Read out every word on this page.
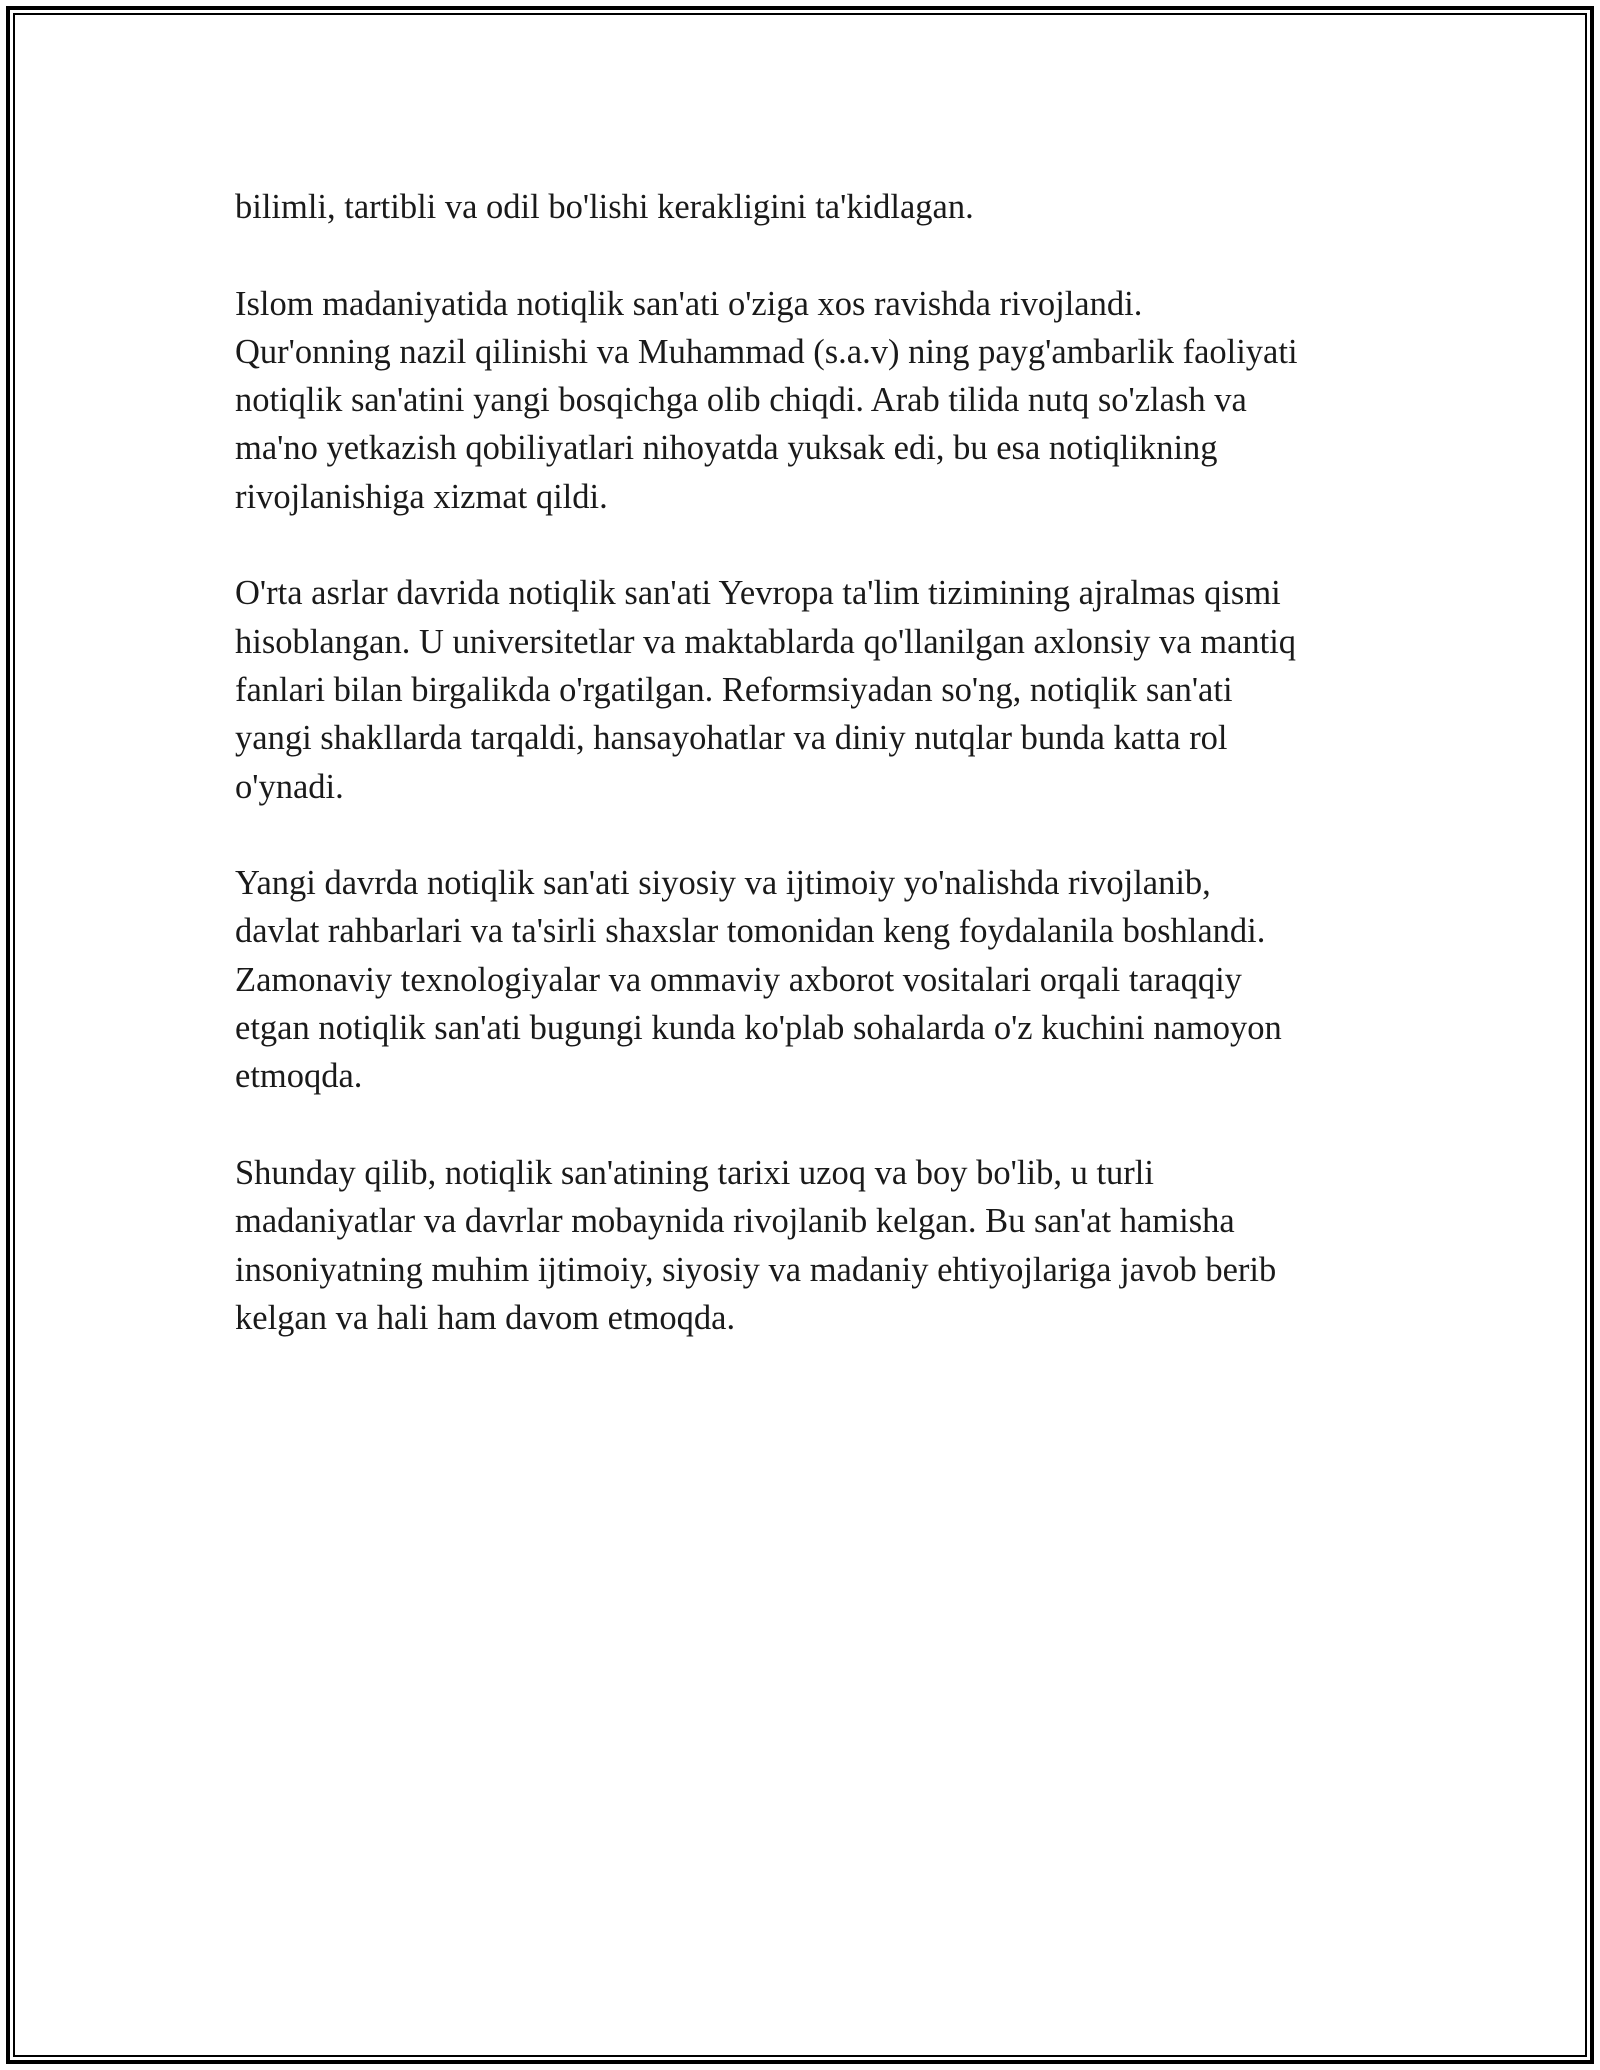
bilimli, tartibli va odil bo'lishi kerakligini ta'kidlagan.

Islom madaniyatida notiqlik san'ati o'ziga xos ravishda rivojlandi.
Qur'onning nazil qilinishi va Muhammad (s.a.v) ning payg'ambarlik faoliyati
notiqlik san'atini yangi bosqichga olib chiqdi. Arab tilida nutq so'zlash va
ma'no yetkazish qobiliyatlari nihoyatda yuksak edi, bu esa notiqlikning
rivojlanishiga xizmat qildi.

O'rta asrlar davrida notiqlik san'ati Yevropa ta'lim tizimining ajralmas qismi
hisoblangan. U universitetlar va maktablarda qo'llanilgan axlonsiy va mantiq
fanlari bilan birgalikda o'rgatilgan. Reformsiyadan so'ng, notiqlik san'ati
yangi shakllarda tarqaldi, hansayohatlar va diniy nutqlar bunda katta rol
o'ynadi.

Yangi davrda notiqlik san'ati siyosiy va ijtimoiy yo'nalishda rivojlanib,
davlat rahbarlari va ta'sirli shaxslar tomonidan keng foydalanila boshlandi.
Zamonaviy texnologiyalar va ommaviy axborot vositalari orqali taraqqiy
etgan notiqlik san'ati bugungi kunda ko'plab sohalarda o'z kuchini namoyon
etmoqda.

Shunday qilib, notiqlik san'atining tarixi uzoq va boy bo'lib, u turli
madaniyatlar va davrlar mobaynida rivojlanib kelgan. Bu san'at hamisha
insoniyatning muhim ijtimoiy, siyosiy va madaniy ehtiyojlariga javob berib
kelgan va hali ham davom etmoqda.
